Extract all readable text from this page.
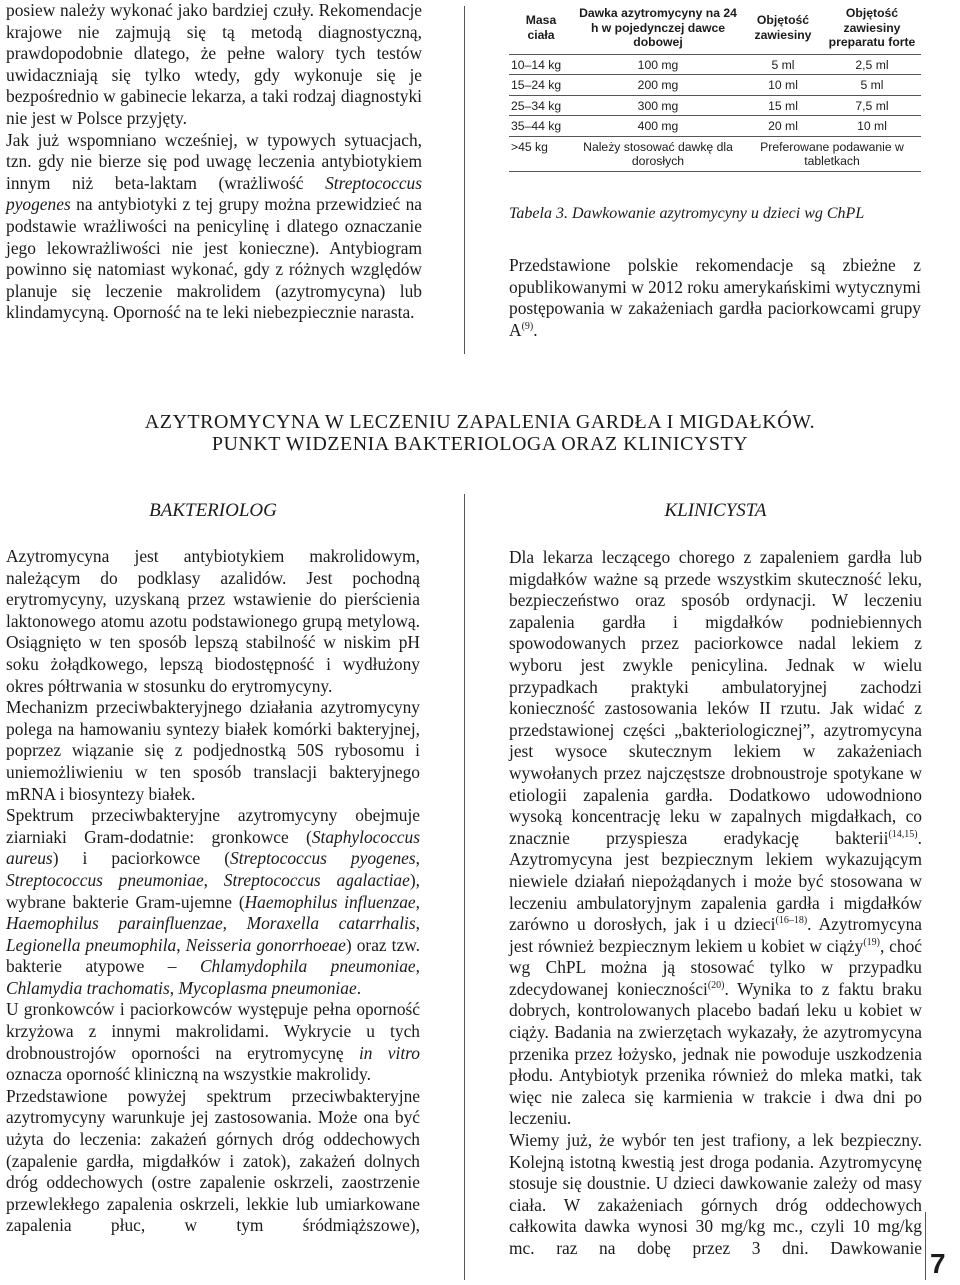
posiew należy wykonać jako bardziej czuły. Rekomendacje krajowe nie zajmują się tą metodą diagnostyczną, prawdopodobnie dlatego, że pełne walory tych testów uwidaczniają się tylko wtedy, gdy wykonuje się je bezpośrednio w gabinecie lekarza, a taki rodzaj diagnostyki nie jest w Polsce przyjęty.

Jak już wspomniano wcześniej, w typowych sytuacjach, tzn. gdy nie bierze się pod uwagę leczenia antybiotykiem innym niż beta-laktam (wrażliwość Streptococcus pyogenes na antybiotyki z tej grupy można przewidzieć na podstawie wrażliwości na penicylinę i dlatego oznaczanie jego lekowrażliwości nie jest konieczne). Antybiogram powinno się natomiast wykonać, gdy z różnych względów planuje się leczenie makrolidem (azytromycyna) lub klindamycyną. Oporność na te leki niebezpiecznie narasta.

Masa ciała	Dawka azytromycyny na 24 h w pojedynczej dawce dobowej	Objętość zawiesiny	Objętość zawiesiny preparatu forte
10–14 kg	100 mg	5 ml	2,5 ml
15–24 kg	200 mg	10 ml	5 ml
25–34 kg	300 mg	15 ml	7,5 ml
35–44 kg	400 mg	20 ml	10 ml
>45 kg	Należy stosować dawkę dla dorosłych	Preferowane podawanie w tabletkach	
Tabela 3. Dawkowanie azytromycyny u dzieci wg ChPL

Przedstawione polskie rekomendacje są zbieżne z opublikowanymi w 2012 roku amerykańskimi wytycznymi postępowania w zakażeniach gardła paciorkowcami grupy $A^{(9)}$.

AZYTROMYCYNA W LECZENIU ZAPALENIA GARDŁA I MIGDAŁKÓW.
PUNKT WIDZENIA BAKTERIOLOGA ORAZ KLINICYSTY
BAKTERIOLOG	KLINICYSTA

Azytromycyna jest antybiotykiem makrolidowym, należącym do podklasy azalidów. Jest pochodną erytromycyny, uzyskaną przez wstawienie do pierścienia laktonowego atomu azotu podstawionego grupą metylową. Osiągnięto w ten sposób lepszą stabilność w niskim pH soku żołądkowego, lepszą biodostępność i wydłużony okres półtrwania w stosunku do erytromycyny.

Mechanizm przeciwbakteryjnego działania azytromycyny polega na hamowaniu syntezy białek komórki bakteryjnej, poprzez wiązanie się z podjednostką 50S rybosomu i uniemożliwieniu w ten sposób translacji bakteryjnego mRNA i biosyntezy białek.

Spektrum przeciwbakteryjne azytromycyny obejmuje ziarniaki Gram-dodatnie: gronkowce (Staphylococcus aureus) i paciorkowce (Streptococcus pyogenes, Streptococcus pneumoniae, Streptococcus agalactiae), wybrane bakterie Gram-ujemne (Haemophilus influenzae, Haemophilus parainfluenzae, Moraxella catarrhalis, Legionella pneumophila, Neisseria gonorrhoeae) oraz tzw. bakterie atypowe – Chlamydophila pneumoniae, Chlamydia trachomatis, Mycoplasma pneumoniae.

U gronkowców i paciorkowców występuje pełna oporność krzyżowa z innymi makrolidami. Wykrycie u tych drobnoustrojów oporności na erytromycynę in vitro oznacza oporność kliniczną na wszystkie makrolidy.

Przedstawione powyżej spektrum przeciwbakteryjne azytromycyny warunkuje jej zastosowania. Może ona być użyta do leczenia: zakażeń górnych dróg oddechowych (zapalenie gardła, migdałków i zatok), zakażeń dolnych dróg oddechowych (ostre zapalenie oskrzeli, zaostrzenie przewlekłego zapalenia oskrzeli, lekkie lub umiarkowane zapalenia płuc, w tym śródmiąższowe),

Dla lekarza leczącego chorego z zapaleniem gardła lub migdałków ważne są przede wszystkim skuteczność leku, bezpieczeństwo oraz sposób ordynacji. W leczeniu zapalenia gardła i migdałków podniebiennych spowodowanych przez paciorkowce nadal lekiem z wyboru jest zwykle penicylina. Jednak w wielu przypadkach praktyki ambulatoryjnej zachodzi konieczność zastosowania leków II rzutu. Jak widać z przedstawionej części „bakteriologicznej”, azytromycyna jest wysoce skutecznym lekiem w zakażeniach wywołanych przez najczęstsze drobnoustroje spotykane w etiologii zapalenia gardła. Dodatkowo udowodniono wysoką koncentrację leku w zapalnych migdałkach, co znacznie przyspiesza eradykację bakterii$^{(14,15)}$. Azytromycyna jest bezpiecznym lekiem wykazującym niewiele działań niepożądanych i może być stosowana w leczeniu ambulatoryjnym zapalenia gardła i migdałków zarówno u dorosłych, jak i u dzieci$^{(16-18)}$. Azytromycyna jest również bezpiecznym lekiem u kobiet w ciąży$^{(19)}$, choć wg ChPL można ją stosować tylko w przypadku zdecydowanej konieczności$^{(20)}$. Wynika to z faktu braku dobrych, kontrolowanych placebo badań leku u kobiet w ciąży. Badania na zwierzętach wykazały, że azytromycyna przenika przez łożysko, jednak nie powoduje uszkodzenia płodu. Antybiotyk przenika również do mleka matki, tak więc nie zaleca się karmienia w trakcie i dwa dni po leczeniu.

Wiemy już, że wybór ten jest trafiony, a lek bezpieczny. Kolejną istotną kwestią jest droga podania. Azytromycynę stosuje się doustnie. U dzieci dawkowanie zależy od masy ciała. W zakażeniach górnych dróg oddechowych całkowita dawka wynosi 30 mg/kg mc., czyli 10 mg/kg mc. raz na dobę przez 3 dni. Dawkowanie 7
